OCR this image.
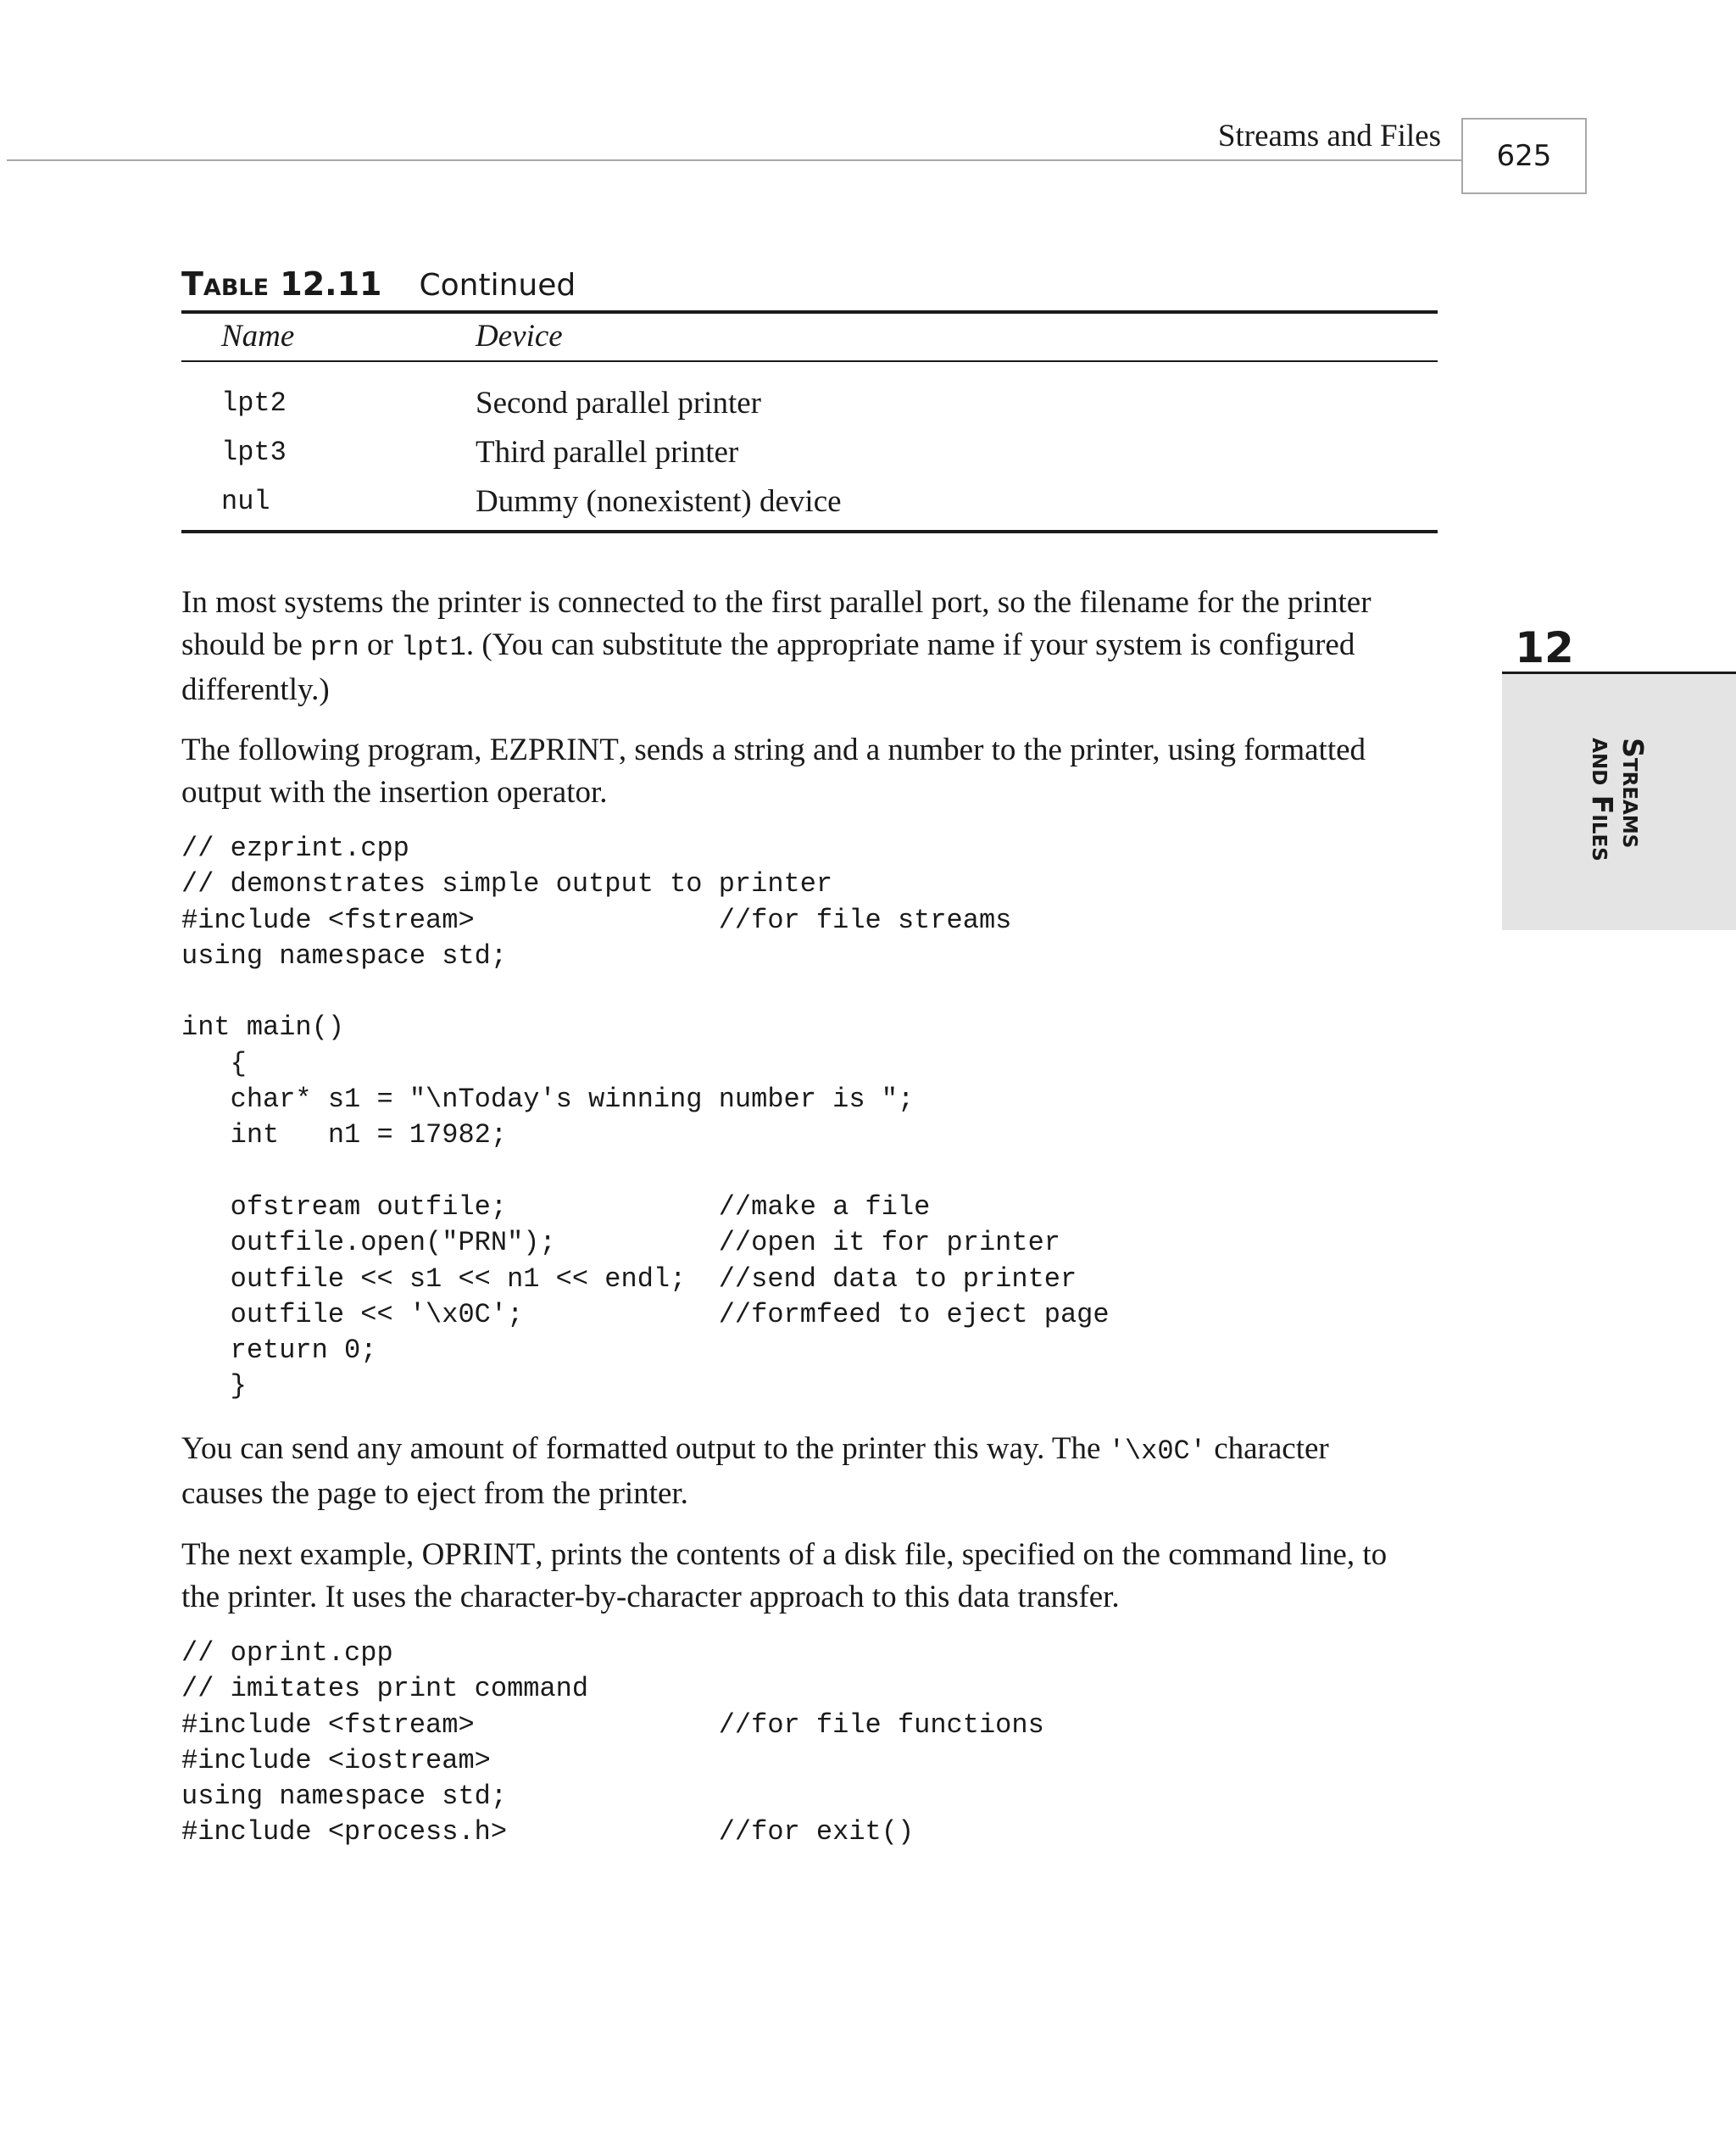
Streams and Files
625
12
Streams
and Files
Table 12.11 Continued
Name	Device
lpt2	Second parallel printer
lpt3	Third parallel printer
nul	Dummy (nonexistent) device

In most systems the printer is connected to the first parallel port, so the filename for the printer

should be prn or lpt1. (You can substitute the appropriate name if your system is configured

differently.)

The following program, EZPRINT, sends a string and a number to the printer, using formatted

output with the insertion operator.

// ezprint.cpp
// demonstrates simple output to printer
#include <fstream>               //for file streams
using namespace std;

int main()
{
char* s1 = "\nToday's winning number is ";
int   n1 = 17982;

ofstream outfile;             //make a file
outfile.open("PRN");          //open it for printer
outfile << s1 << n1 << endl;  //send data to printer
outfile << '\x0C';            //formfeed to eject page
return 0;
}

You can send any amount of formatted output to the printer this way. The '\x0C' character

causes the page to eject from the printer.

The next example, OPRINT, prints the contents of a disk file, specified on the command line, to

the printer. It uses the character-by-character approach to this data transfer.

// oprint.cpp
// imitates print command
#include <fstream>               //for file functions
#include <iostream>
using namespace std;
#include <process.h>             //for exit()
